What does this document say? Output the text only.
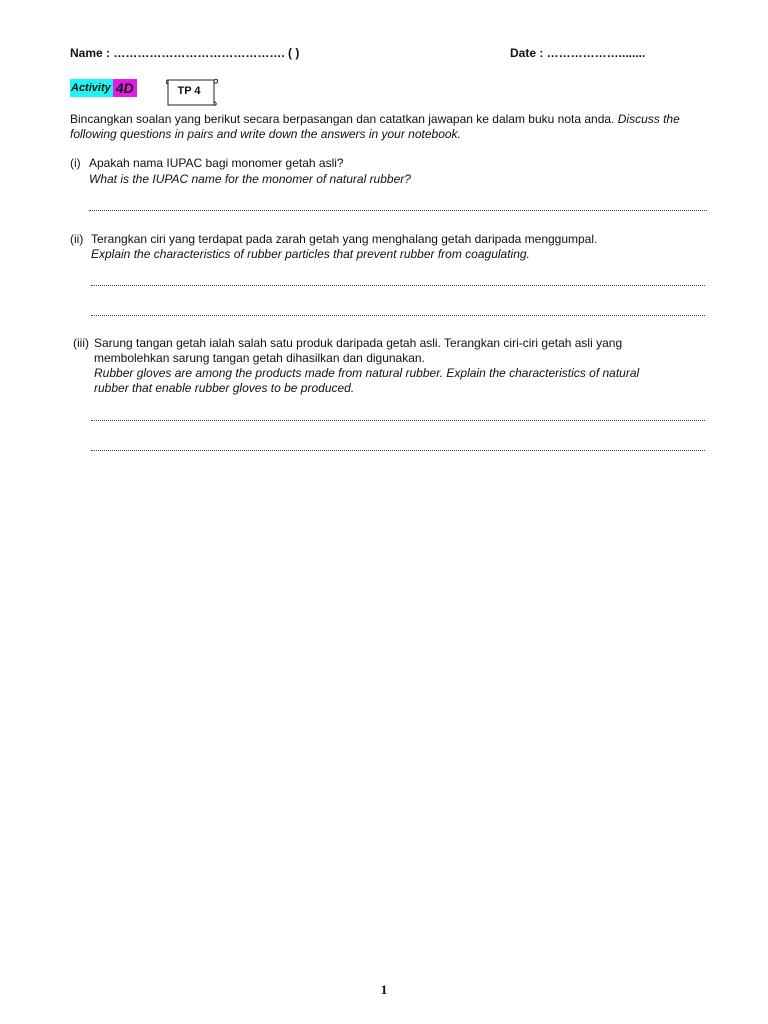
Name : ……………………………………. ( )	Date : ………………........
Activity 4D	TP 4
Bincangkan soalan yang berikut secara berpasangan dan catatkan jawapan ke dalam buku nota anda. Discuss the following questions in pairs and write down the answers in your notebook.
(i) Apakah nama IUPAC bagi monomer getah asli?
What is the IUPAC name for the monomer of natural rubber?
(ii) Terangkan ciri yang terdapat pada zarah getah yang menghalang getah daripada menggumpal.
Explain the characteristics of rubber particles that prevent rubber from coagulating.
(iii) Sarung tangan getah ialah salah satu produk daripada getah asli. Terangkan ciri-ciri getah asli yang
membolehkan sarung tangan getah dihasilkan dan digunakan.
Rubber gloves are among the products made from natural rubber. Explain the characteristics of natural
rubber that enable rubber gloves to be produced.
1
